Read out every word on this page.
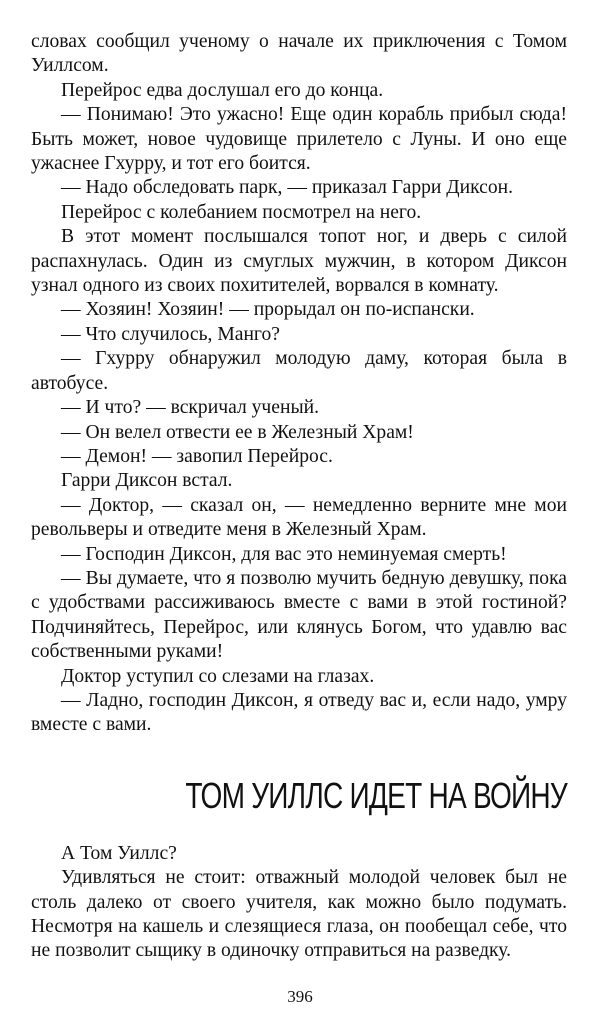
словах сообщил ученому о начале их приключения с Томом Уиллсом.

Перейрос едва дослушал его до конца.

— Понимаю! Это ужасно! Еще один корабль прибыл сюда! Быть может, новое чудовище прилетело с Луны. И оно еще ужаснее Гхурру, и тот его боится.

— Надо обследовать парк, — приказал Гарри Диксон.

Перейрос с колебанием посмотрел на него.

В этот момент послышался топот ног, и дверь с силой распахнулась. Один из смуглых мужчин, в котором Диксон узнал одного из своих похитителей, ворвался в комнату.

— Хозяин! Хозяин! — прорыдал он по-испански.

— Что случилось, Манго?

— Гхурру обнаружил молодую даму, которая была в автобусе.

— И что? — вскричал ученый.

— Он велел отвести ее в Железный Храм!

— Демон! — завопил Перейрос.

Гарри Диксон встал.

— Доктор, — сказал он, — немедленно верните мне мои револьверы и отведите меня в Железный Храм.

— Господин Диксон, для вас это неминуемая смерть!

— Вы думаете, что я позволю мучить бедную девушку, пока с удобствами рассиживаюсь вместе с вами в этой гостиной? Подчиняйтесь, Перейрос, или клянусь Богом, что удавлю вас собственными руками!

Доктор уступил со слезами на глазах.

— Ладно, господин Диксон, я отведу вас и, если надо, умру вместе с вами.

ТОМ УИЛЛС ИДЕТ НА ВОЙНУ

А Том Уиллс?

Удивляться не стоит: отважный молодой человек был не столь далеко от своего учителя, как можно было подумать. Несмотря на кашель и слезящиеся глаза, он пообещал себе, что не позволит сыщику в одиночку отправиться на разведку.

396
